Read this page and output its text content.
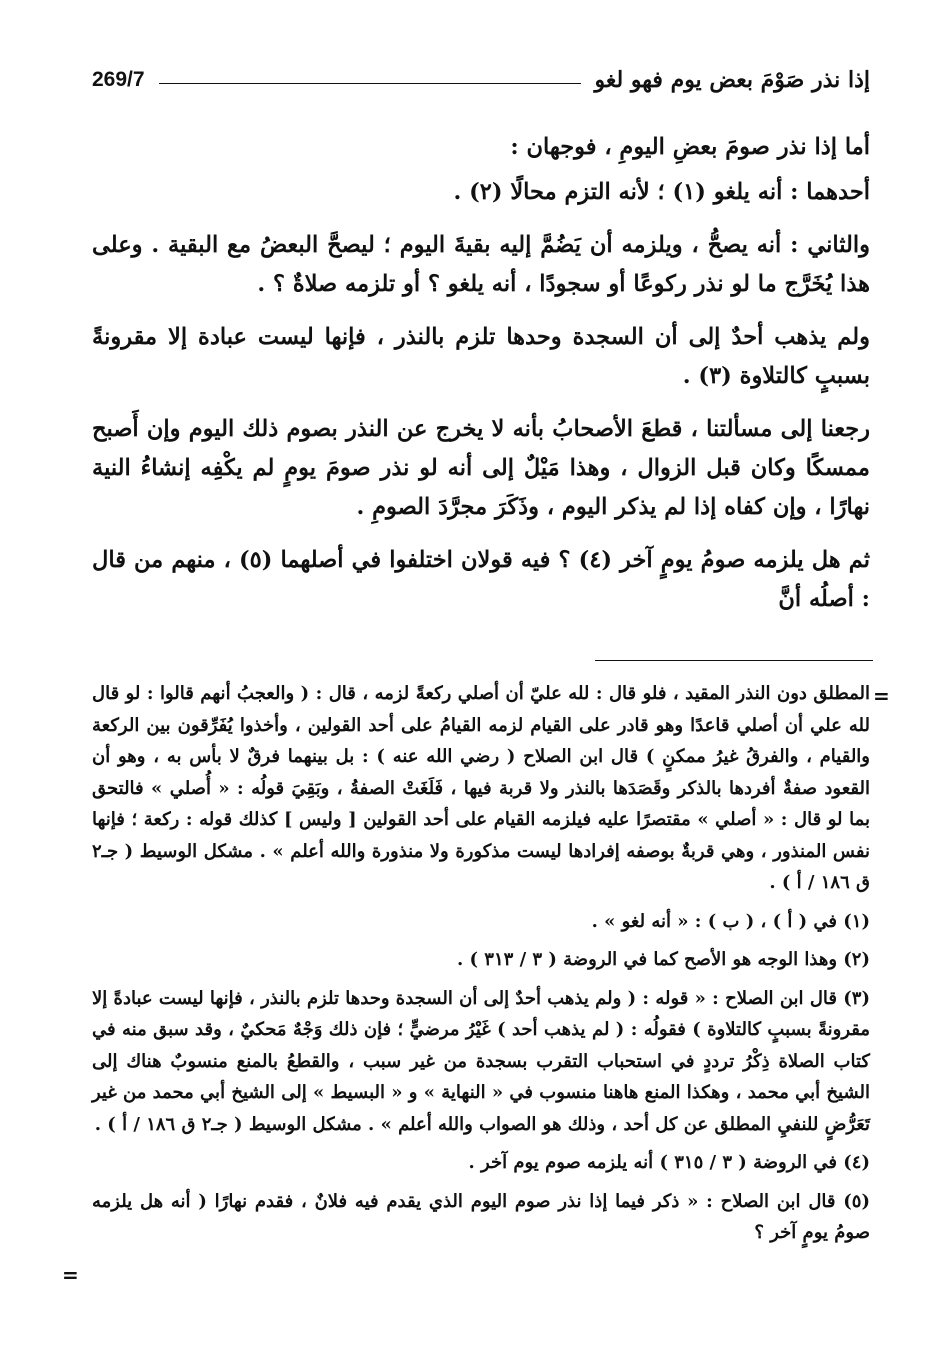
إذا نذر صَوْمَ بعض يوم فهو لغو
269/7

أما إذا نذر صومَ بعضِ اليومِ ، فوجهان :

أحدهما : أنه يلغو (١) ؛ لأنه التزم محالًا (٢) .

والثاني : أنه يصحُّ ، ويلزمه أن يَضُمَّ إليه بقيةَ اليوم ؛ ليصحَّ البعضُ مع البقية . وعلى هذا يُخَرَّج ما لو نذر ركوعًا أو سجودًا ، أنه يلغو ؟ أو تلزمه صلاةٌ ؟ .

ولم يذهب أحدٌ إلى أن السجدة وحدها تلزم بالنذر ، فإنها ليست عبادة إلا مقرونةً بسببٍ كالتلاوة (٣) .

رجعنا إلى مسألتنا ، قطعَ الأصحابُ بأنه لا يخرج عن النذر بصوم ذلك اليوم وإن أَصبح ممسكًا وكان قبل الزوال ، وهذا مَيْلٌ إلى أنه لو نذر صومَ يومٍ لم يكْفِه إنشاءُ النية نهارًا ، وإن كفاه إذا لم يذكر اليوم ، وذَكَرَ مجرَّدَ الصومِ .

ثم هل يلزمه صومُ يومٍ آخر (٤) ؟ فيه قولان اختلفوا في أصلهما (٥) ، منهم من قال : أصلُه أنَّ

=

المطلق دون النذر المقيد ، فلو قال : لله عليّ أن أصلي ركعةً لزمه ، قال : ( والعجبُ أنهم قالوا : لو قال لله علي أن أصلي قاعدًا وهو قادر على القيام لزمه القيامُ على أحد القولين ، وأخذوا يُفَرِّقون بين الركعة والقيام ، والفرقُ غيرُ ممكنٍ ) قال ابن الصلاح ( رضي الله عنه ) : بل بينهما فرقٌ لا بأس به ، وهو أن القعود صفةٌ أفردها بالذكر وقَصَدَها بالنذر ولا قربة فيها ، فَلَغَتْ الصفةُ ، وبَقِيَ قولُه : « أُصلي » فالتحق بما لو قال : « أصلي » مقتصرًا عليه فيلزمه القيام على أحد القولين [ وليس ] كذلك قوله : ركعة ؛ فإنها نفس المنذور ، وهي قربةٌ بوصفه إفرادها ليست مذكورة ولا منذورة والله أعلم » . مشكل الوسيط ( جـ٢ ق ١٨٦ / أ ) .

(١) في ( أ ) ، ( ب ) : « أنه لغو » .

(٢) وهذا الوجه هو الأصح كما في الروضة ( ٣ / ٣١٣ ) .

(٣) قال ابن الصلاح : « قوله : ( ولم يذهب أحدٌ إلى أن السجدة وحدها تلزم بالنذر ، فإنها ليست عبادةً إلا مقرونةً بسببٍ كالتلاوة ) فقولُه : ( لم يذهب أحد ) غَيْرُ مرضيٍّ ؛ فإن ذلك وَجْهٌ مَحكيٌ ، وقد سبق منه في كتاب الصلاة ذِكْرُ ترددٍ في استحباب التقرب بسجدة من غير سبب ، والقطعُ بالمنع منسوبٌ هناك إلى الشيخ أبي محمد ، وهكذا المنع هاهنا منسوب في « النهاية » و « البسيط » إلى الشيخ أبي محمد من غير تَعَرُّضٍ للنفيِ المطلق عن كل أحد ، وذلك هو الصواب والله أعلم » . مشكل الوسيط ( جـ٢ ق ١٨٦ / أ ) .

(٤) في الروضة ( ٣ / ٣١٥ ) أنه يلزمه صوم يوم آخر .

(٥) قال ابن الصلاح : « ذكر فيما إذا نذر صوم اليوم الذي يقدم فيه فلانٌ ، فقدم نهارًا ( أنه هل يلزمه صومُ يومٍ آخر ؟

=
